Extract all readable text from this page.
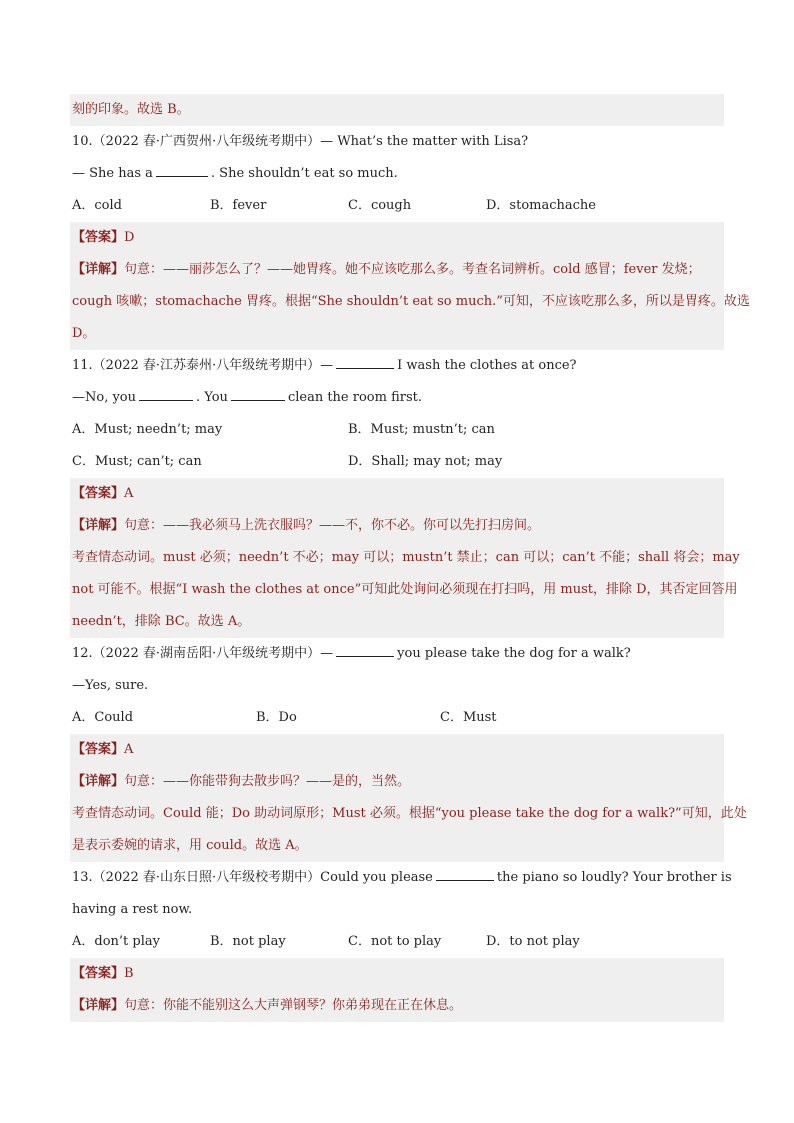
刻的印象。故选 B。
10.（2022 春·广西贺州·八年级统考期中）— What’s the matter with Lisa?
— She has a	. She shouldn’t eat so much.
A．cold	B．fever	C．cough	D．stomachache
【答案】D
【详解】句意：——丽莎怎么了？——她胃疼。她不应该吃那么多。考查名词辨析。cold 感冒；fever 发烧；
cough 咳嗽；stomachache 胃疼。根据“She shouldn’t eat so much.”可知，不应该吃那么多，所以是胃疼。故选
D。
11.（2022 春·江苏泰州·八年级统考期中）—	I wash the clothes at once?
—No, you	. You	clean the room first.
A．Must; needn’t; may	B．Must; mustn’t; can
C．Must; can’t; can	D．Shall; may not; may
【答案】A
【详解】句意：——我必须马上洗衣服吗？——不，你不必。你可以先打扫房间。
考查情态动词。must 必须；needn’t 不必；may 可以；mustn’t 禁止；can 可以；can’t 不能；shall 将会；may
not 可能不。根据“I wash the clothes at once”可知此处询问必须现在打扫吗，用 must，排除 D，其否定回答用
needn’t，排除 BC。故选 A。
12.（2022 春·湖南岳阳·八年级统考期中）—	you please take the dog for a walk?
—Yes, sure.
A．Could	B．Do	C．Must
【答案】A
【详解】句意：——你能带狗去散步吗？——是的，当然。
考查情态动词。Could 能；Do 助动词原形；Must 必须。根据“you please take the dog for a walk?”可知，此处
是表示委婉的请求，用 could。故选 A。
13.（2022 春·山东日照·八年级校考期中）Could you please	the piano so loudly? Your brother is
having a rest now.
A．don’t play	B．not play	C．not to play	D．to not play
【答案】B
【详解】句意：你能不能别这么大声弹钢琴？你弟弟现在正在休息。
